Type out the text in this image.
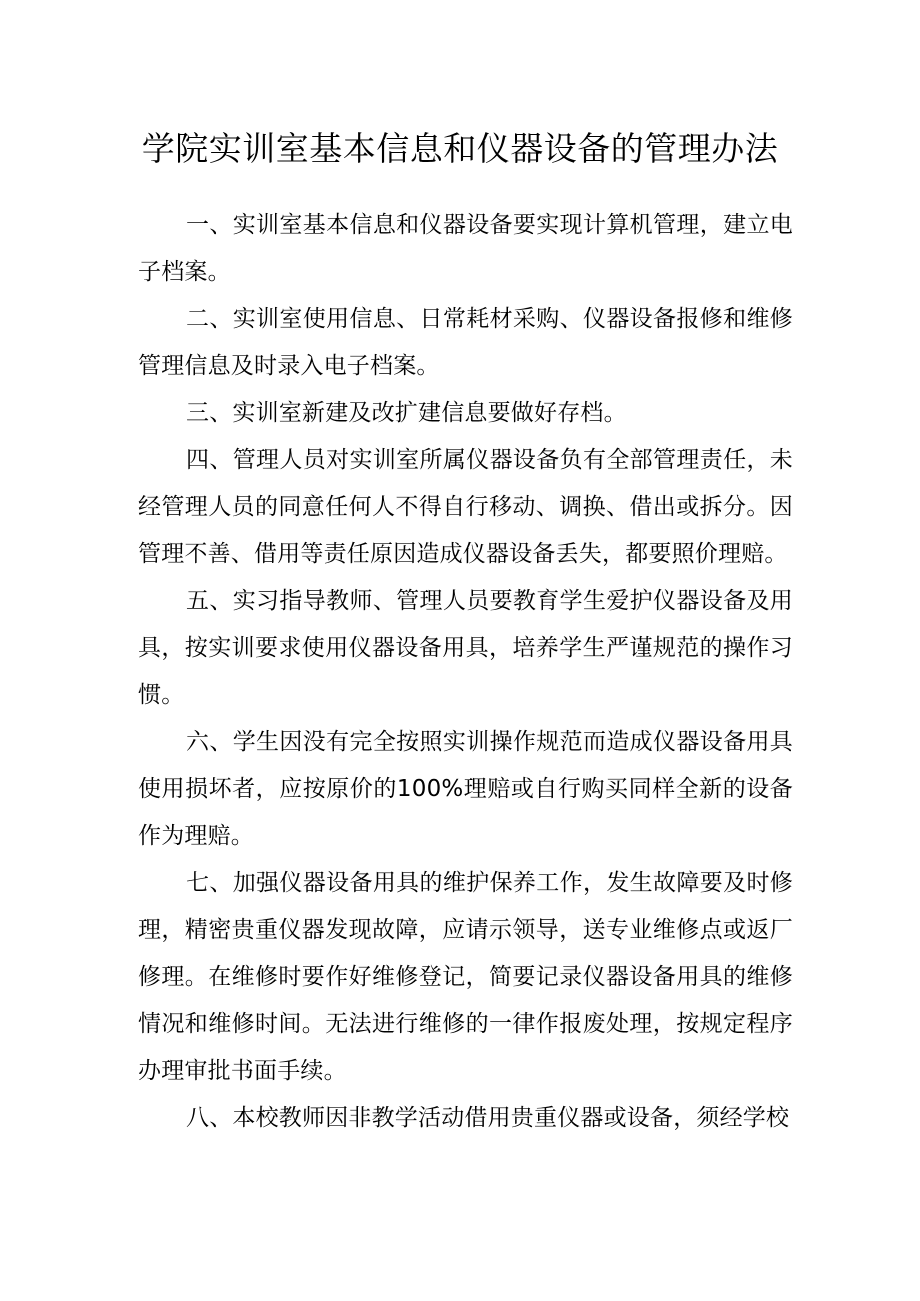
学院实训室基本信息和仪器设备的管理办法

一、实训室基本信息和仪器设备要实现计算机管理，建立电子档案。

二、实训室使用信息、日常耗材采购、仪器设备报修和维修管理信息及时录入电子档案。

三、实训室新建及改扩建信息要做好存档。

四、管理人员对实训室所属仪器设备负有全部管理责任，未经管理人员的同意任何人不得自行移动、调换、借出或拆分。因管理不善、借用等责任原因造成仪器设备丢失，都要照价理赔。

五、实习指导教师、管理人员要教育学生爱护仪器设备及用具，按实训要求使用仪器设备用具，培养学生严谨规范的操作习惯。

六、学生因没有完全按照实训操作规范而造成仪器设备用具使用损坏者，应按原价的100%理赔或自行购买同样全新的设备作为理赔。

七、加强仪器设备用具的维护保养工作，发生故障要及时修理，精密贵重仪器发现故障，应请示领导，送专业维修点或返厂修理。在维修时要作好维修登记，简要记录仪器设备用具的维修情况和维修时间。无法进行维修的一律作报废处理，按规定程序办理审批书面手续。

八、本校教师因非教学活动借用贵重仪器或设备，须经学校
